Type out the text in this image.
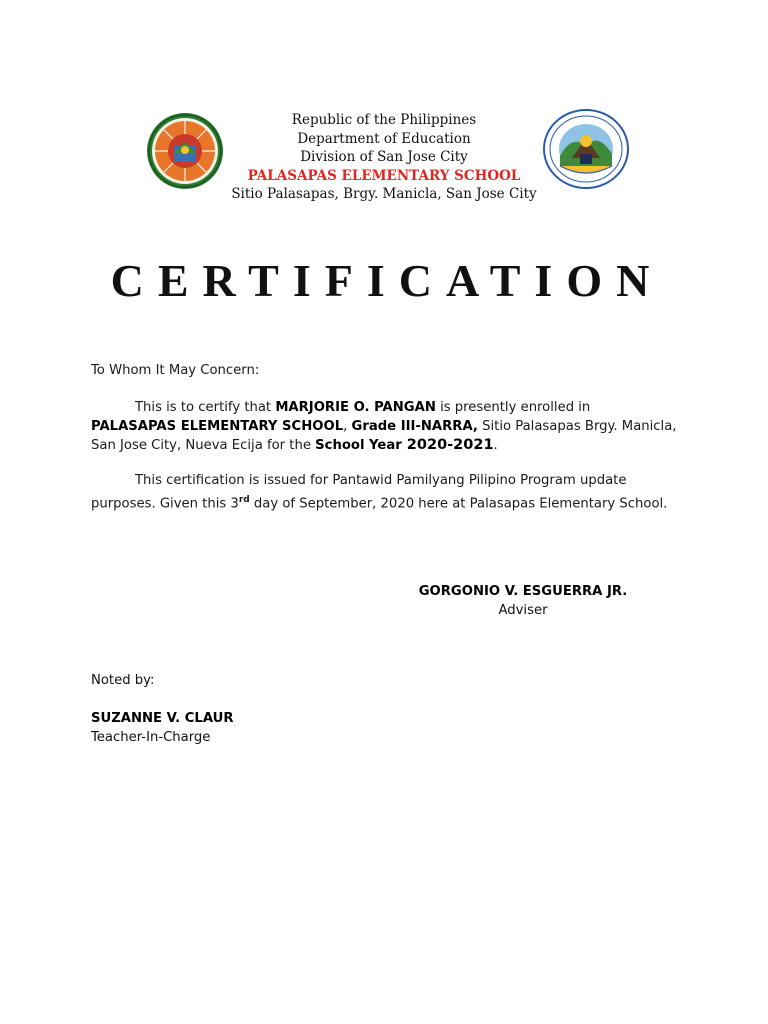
Republic of the Philippines
Department of Education
Division of San Jose City
PALASAPAS ELEMENTARY SCHOOL
Sitio Palasapas, Brgy. Manicla, San Jose City
CERTIFICATION
To Whom It May Concern:
This is to certify that MARJORIE O. PANGAN is presently enrolled in
PALASAPAS ELEMENTARY SCHOOL, Grade III-NARRA, Sitio Palasapas Brgy. Manicla, San Jose City, Nueva Ecija for the School Year 2020-2021.
This certification is issued for Pantawid Pamilyang Pilipino Program update purposes. Given this 3rd day of September, 2020 here at Palasapas Elementary School.
GORGONIO V. ESGUERRA JR.
Adviser
Noted by:
SUZANNE V. CLAUR
Teacher-In-Charge
